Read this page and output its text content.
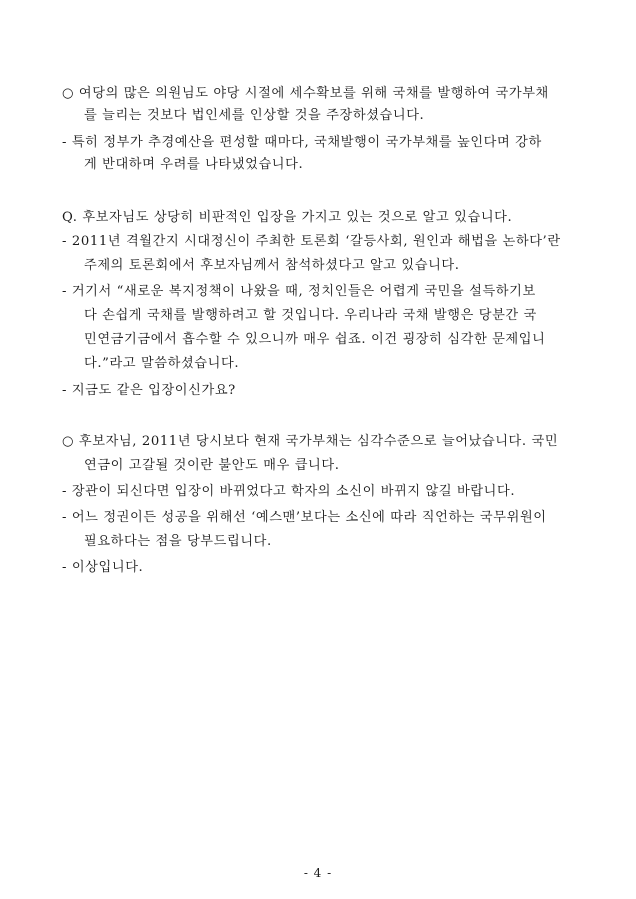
○ 여당의 많은 의원님도 야당 시절에 세수확보를 위해 국채를 발행하여 국가부채
를 늘리는 것보다 법인세를 인상할 것을 주장하셨습니다.
- 특히 정부가 추경예산을 편성할 때마다, 국채발행이 국가부채를 높인다며 강하
게 반대하며 우려를 나타냈었습니다.
Q. 후보자님도 상당히 비판적인 입장을 가지고 있는 것으로 알고 있습니다.
- 2011년 격월간지 시대정신이 주최한 토론회 ‘갈등사회, 원인과 해법을 논하다’란
주제의 토론회에서 후보자님께서 참석하셨다고 알고 있습니다.
- 거기서 “새로운 복지정책이 나왔을 때, 정치인들은 어렵게 국민을 설득하기보
다 손쉽게 국채를 발행하려고 할 것입니다. 우리나라 국채 발행은 당분간 국
민연금기금에서 흡수할 수 있으니까 매우 쉽죠. 이건 굉장히 심각한 문제입니
다.”라고 말씀하셨습니다.
- 지금도 같은 입장이신가요?
○ 후보자님, 2011년 당시보다 현재 국가부채는 심각수준으로 늘어났습니다. 국민
연금이 고갈될 것이란 불안도 매우 큽니다.
- 장관이 되신다면 입장이 바뀌었다고 학자의 소신이 바뀌지 않길 바랍니다.
- 어느 정권이든 성공을 위해선 ‘예스맨’보다는 소신에 따라 직언하는 국무위원이
필요하다는 점을 당부드립니다.
- 이상입니다.
- 4 -
